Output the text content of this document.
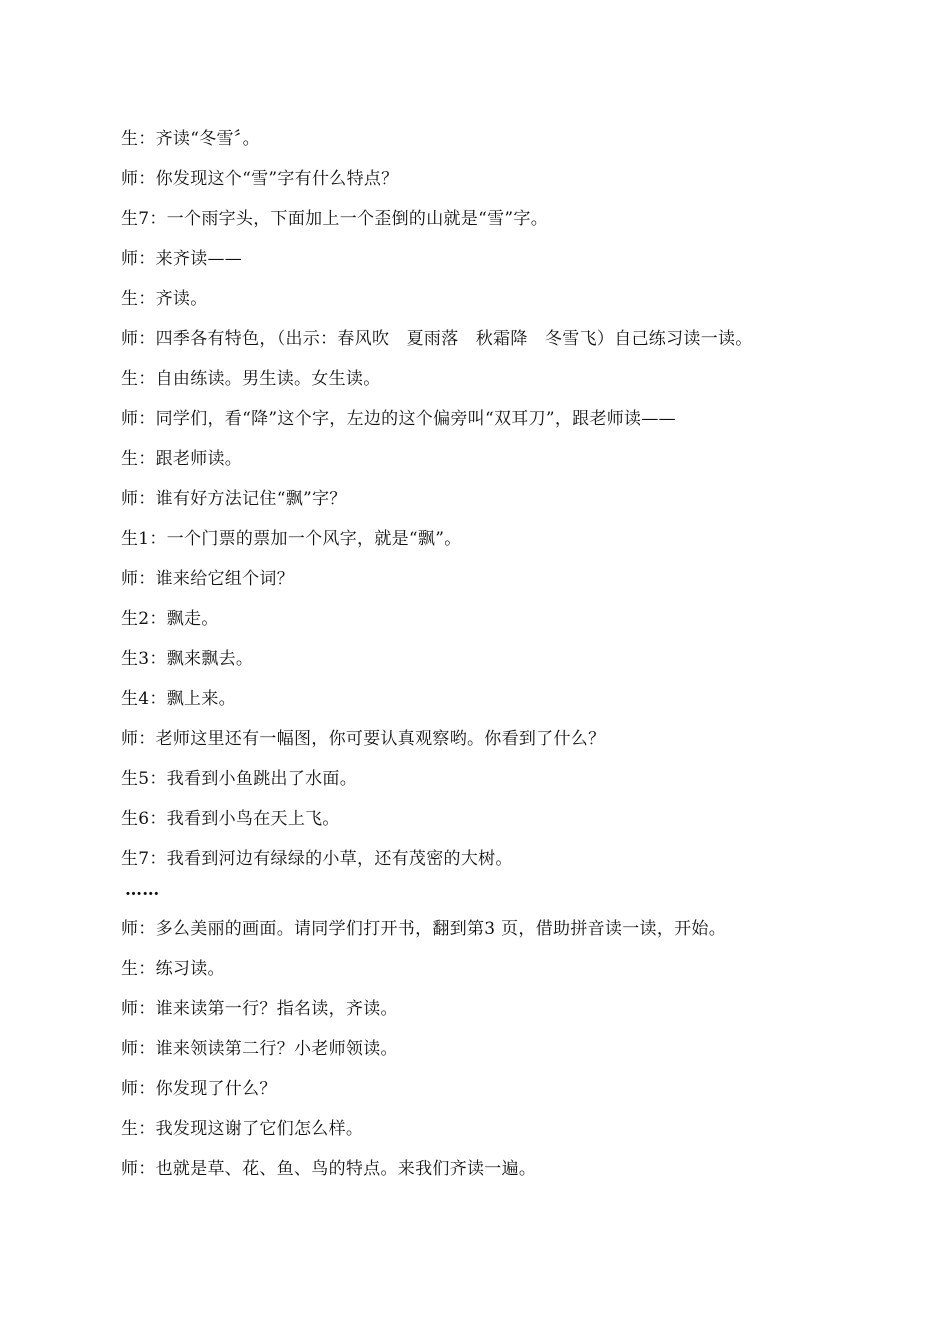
生：齐读“冬雪〞。
师：你发现这个“雪”字有什么特点？
生7：一个雨字头，下面加上一个歪倒的山就是“雪”字。
师：来齐读——
生：齐读。
师：四季各有特色，（出示：春风吹　夏雨落　秋霜降　冬雪飞）自己练习读一读。
生：自由练读。男生读。女生读。
师：同学们，看“降”这个字，左边的这个偏旁叫“双耳刀”，跟老师读——
生：跟老师读。
师：谁有好方法记住“飘”字？
生1：一个门票的票加一个风字，就是“飘”。
师：谁来给它组个词？
生2：飘走。
生3：飘来飘去。
生4：飘上来。
师：老师这里还有一幅图，你可要认真观察哟。你看到了什么？
生5：我看到小鱼跳出了水面。
生6：我看到小鸟在天上飞。
生7：我看到河边有绿绿的小草，还有茂密的大树。
……
师：多么美丽的画面。请同学们打开书，翻到第3 页，借助拼音读一读，开始。
生：练习读。
师：谁来读第一行？指名读，齐读。
师：谁来领读第二行？小老师领读。
师：你发现了什么？
生：我发现这谢了它们怎么样。
师：也就是草、花、鱼、鸟的特点。来我们齐读一遍。
